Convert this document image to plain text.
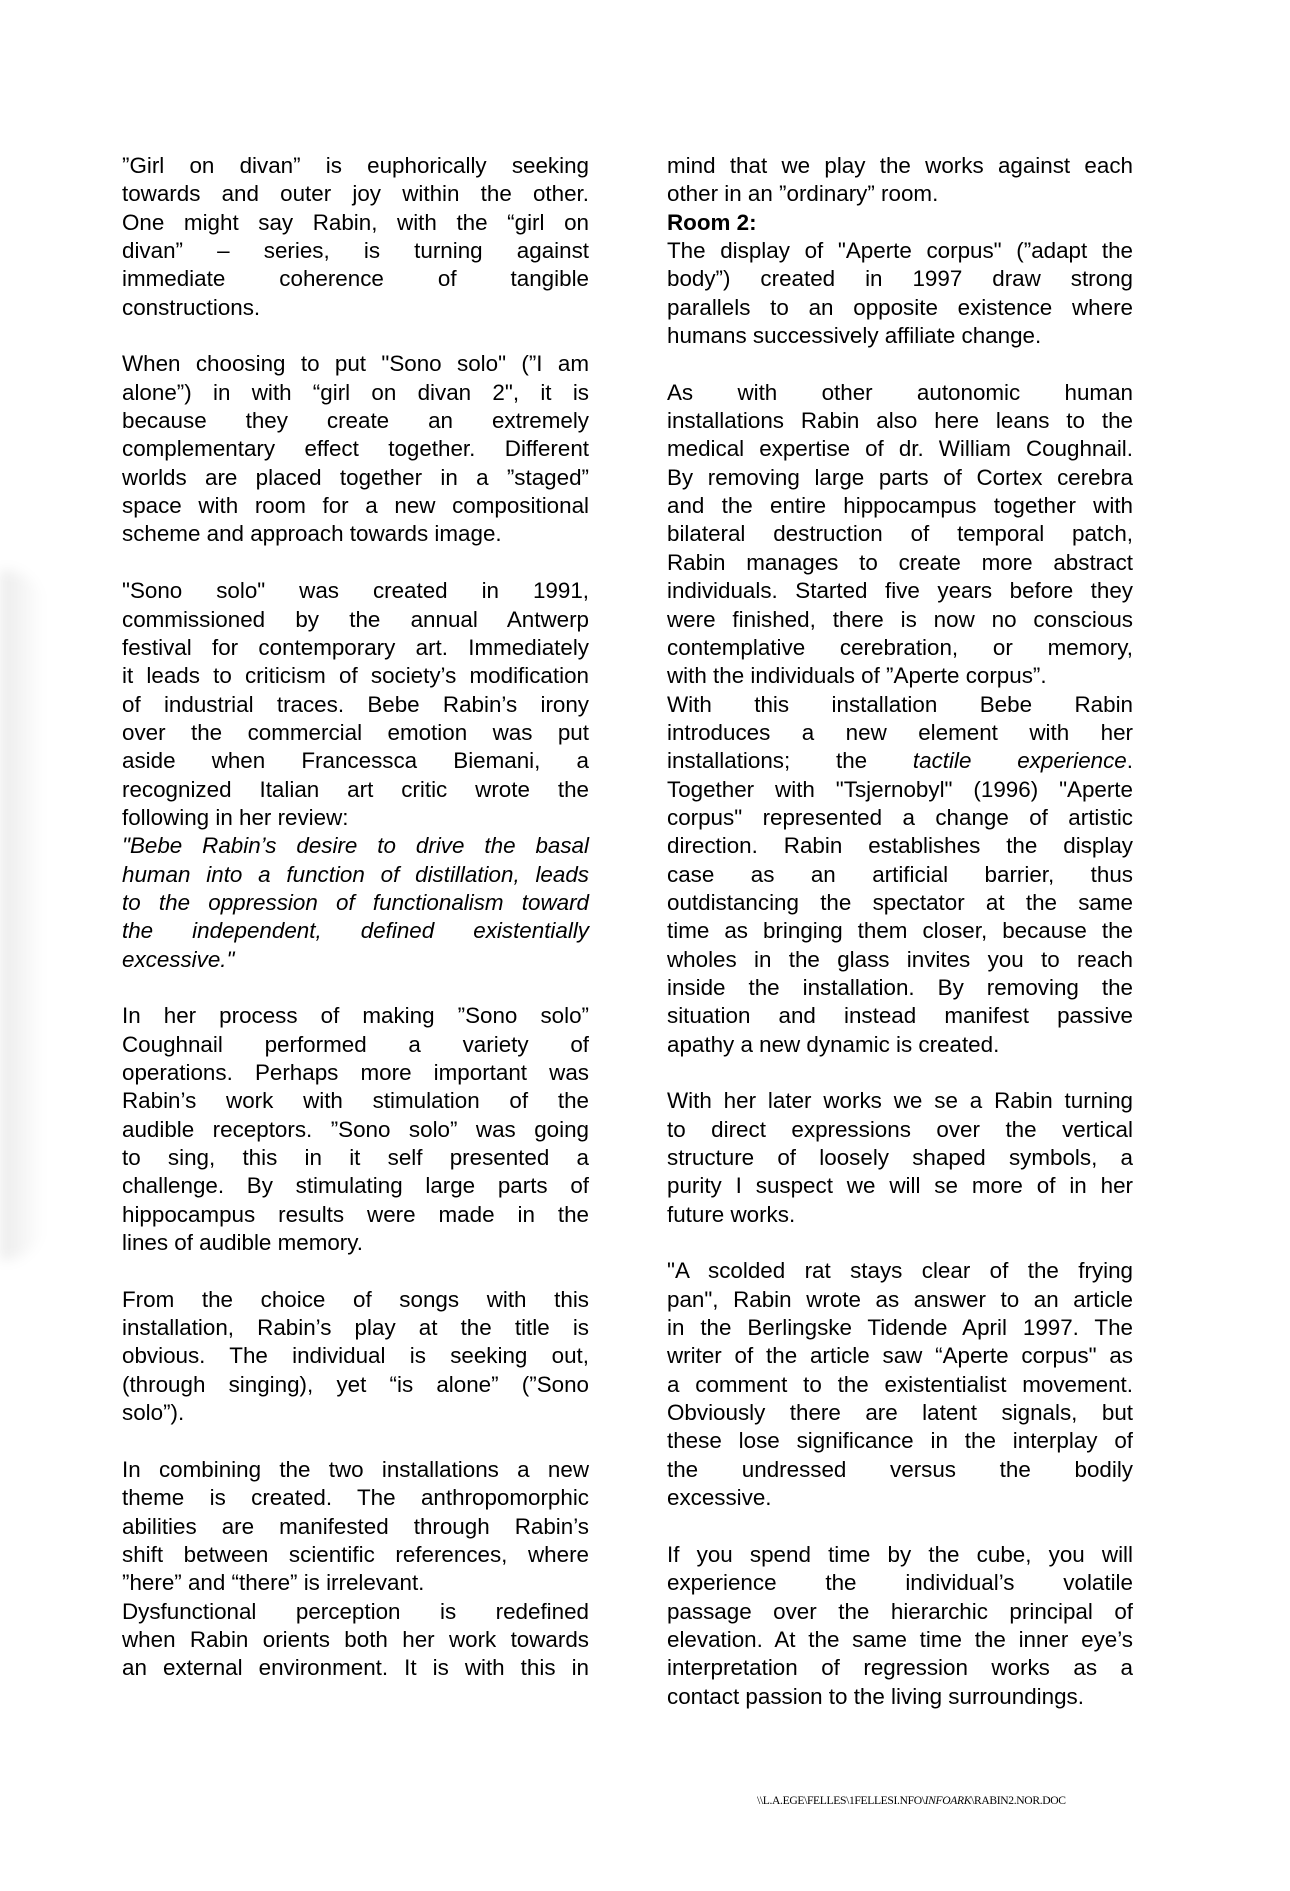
”Girl on divan” is euphorically seeking
towards and outer joy within the other.
One might say Rabin, with the “girl on
divan” – series, is turning against
immediate coherence of tangible
constructions.
When choosing to put "Sono solo" (”I am
alone”) in with “girl on divan 2", it is
because they create an extremely
complementary effect together. Different
worlds are placed together in a ”staged”
space with room for a new compositional
scheme and approach towards image.
"Sono solo" was created in 1991,
commissioned by the annual Antwerp
festival for contemporary art. Immediately
it leads to criticism of society’s modification
of industrial traces. Bebe Rabin’s irony
over the commercial emotion was put
aside when Francessca Biemani, a
recognized Italian art critic wrote the
following in her review:
"Bebe Rabin’s desire to drive the basal
human into a function of distillation, leads
to the oppression of functionalism toward
the independent, defined existentially
excessive."
In her process of making ”Sono solo”
Coughnail performed a variety of
operations. Perhaps more important was
Rabin’s work with stimulation of the
audible receptors. ”Sono solo” was going
to sing, this in it self presented a
challenge. By stimulating large parts of
hippocampus results were made in the
lines of audible memory.
From the choice of songs with this
installation, Rabin’s play at the title is
obvious. The individual is seeking out,
(through singing), yet “is alone” (”Sono
solo”).
In combining the two installations a new
theme is created. The anthropomorphic
abilities are manifested through Rabin’s
shift between scientific references, where
”here” and “there” is irrelevant.
Dysfunctional perception is redefined
when Rabin orients both her work towards
an external environment. It is with this in
mind that we play the works against each
other in an ”ordinary” room.
Room 2:
The display of "Aperte corpus" (”adapt the
body”) created in 1997 draw strong
parallels to an opposite existence where
humans successively affiliate change.
As with other autonomic human
installations Rabin also here leans to the
medical expertise of dr. William Coughnail.
By removing large parts of Cortex cerebra
and the entire hippocampus together with
bilateral destruction of temporal patch,
Rabin manages to create more abstract
individuals. Started five years before they
were finished, there is now no conscious
contemplative cerebration, or memory,
with the individuals of ”Aperte corpus”.
With this installation Bebe Rabin
introduces a new element with her
installations; the tactile experience.
Together with "Tsjernobyl" (1996) "Aperte
corpus" represented a change of artistic
direction. Rabin establishes the display
case as an artificial barrier, thus
outdistancing the spectator at the same
time as bringing them closer, because the
wholes in the glass invites you to reach
inside the installation. By removing the
situation and instead manifest passive
apathy a new dynamic is created.
With her later works we se a Rabin turning
to direct expressions over the vertical
structure of loosely shaped symbols, a
purity I suspect we will se more of in her
future works.
"A scolded rat stays clear of the frying
pan", Rabin wrote as answer to an article
in the Berlingske Tidende April 1997. The
writer of the article saw “Aperte corpus" as
a comment to the existentialist movement.
Obviously there are latent signals, but
these lose significance in the interplay of
the undressed versus the bodily
excessive.
If you spend time by the cube, you will
experience the individual’s volatile
passage over the hierarchic principal of
elevation. At the same time the inner eye’s
interpretation of regression works as a
contact passion to the living surroundings.
\\L.A.EGE\FELLES\1FELLESI.NFO\INFOARK\RABIN2.NOR.DOC
